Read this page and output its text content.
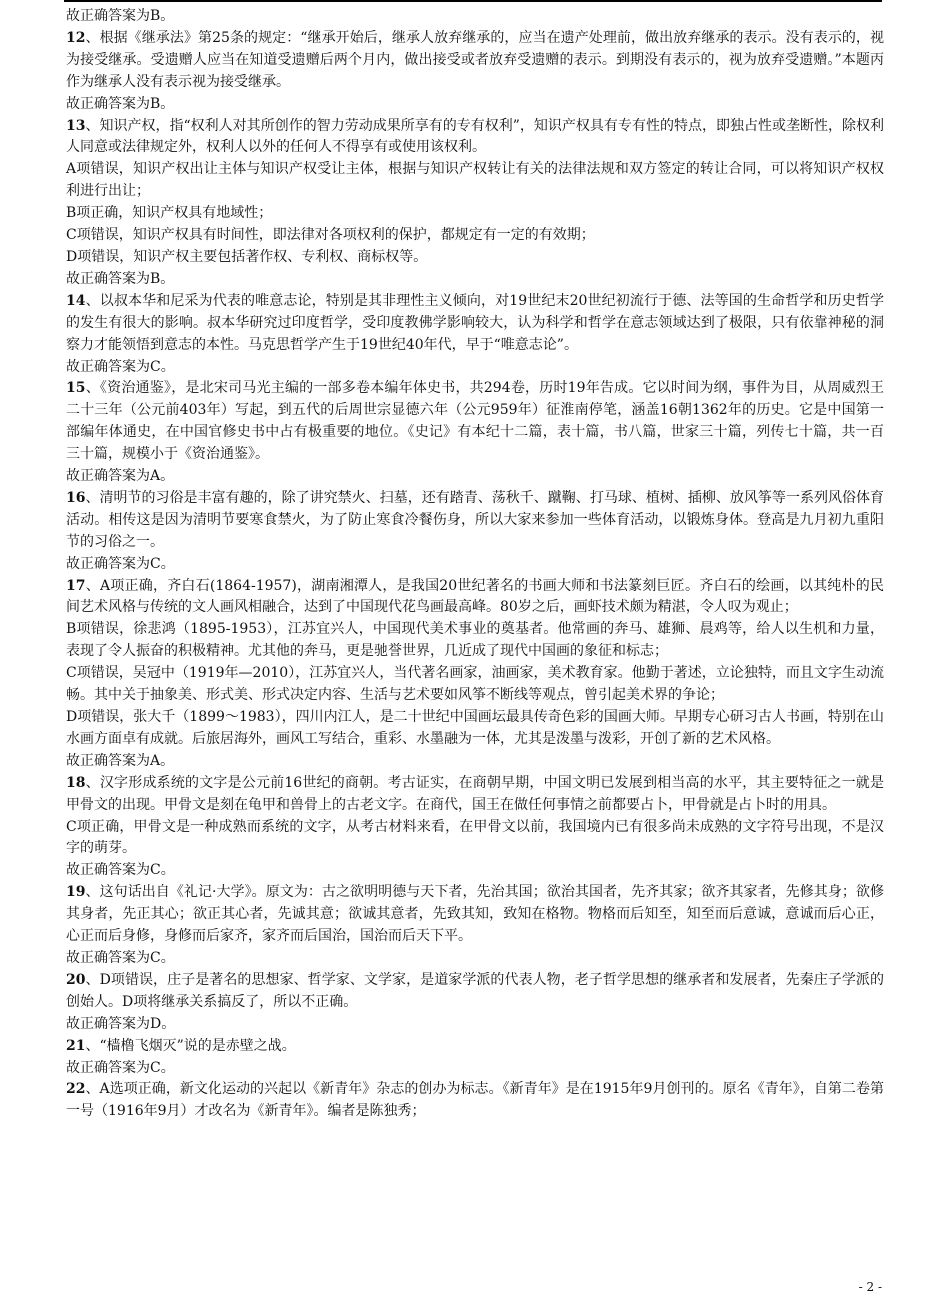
故正确答案为B。

12、根据《继承法》第25条的规定：“继承开始后，继承人放弃继承的，应当在遗产处理前，做出放弃继承的表示。没有表示的，视为接受继承。受遗赠人应当在知道受遗赠后两个月内，做出接受或者放弃受遗赠的表示。到期没有表示的，视为放弃受遗赠。”本题丙作为继承人没有表示视为接受继承。

故正确答案为B。

13、知识产权，指“权利人对其所创作的智力劳动成果所享有的专有权利”，知识产权具有专有性的特点，即独占性或垄断性，除权利人同意或法律规定外，权利人以外的任何人不得享有或使用该权利。

A项错误，知识产权出让主体与知识产权受让主体，根据与知识产权转让有关的法律法规和双方签定的转让合同，可以将知识产权权利进行出让；

B项正确，知识产权具有地域性；

C项错误，知识产权具有时间性，即法律对各项权利的保护，都规定有一定的有效期；

D项错误，知识产权主要包括著作权、专利权、商标权等。

故正确答案为B。

14、以叔本华和尼采为代表的唯意志论，特别是其非理性主义倾向，对19世纪末20世纪初流行于德、法等国的生命哲学和历史哲学的发生有很大的影响。叔本华研究过印度哲学，受印度教佛学影响较大，认为科学和哲学在意志领域达到了极限，只有依靠神秘的洞察力才能领悟到意志的本性。马克思哲学产生于19世纪40年代，早于“唯意志论”。

故正确答案为C。

15、《资治通鉴》，是北宋司马光主编的一部多卷本编年体史书，共294卷，历时19年告成。它以时间为纲，事件为目，从周威烈王二十三年（公元前403年）写起，到五代的后周世宗显德六年（公元959年）征淮南停笔，涵盖16朝1362年的历史。它是中国第一部编年体通史，在中国官修史书中占有极重要的地位。《史记》有本纪十二篇，表十篇，书八篇，世家三十篇，列传七十篇，共一百三十篇，规模小于《资治通鉴》。

故正确答案为A。

16、清明节的习俗是丰富有趣的，除了讲究禁火、扫墓，还有踏青、荡秋千、蹴鞠、打马球、植树、插柳、放风筝等一系列风俗体育活动。相传这是因为清明节要寒食禁火，为了防止寒食冷餐伤身，所以大家来参加一些体育活动，以锻炼身体。登高是九月初九重阳节的习俗之一。

故正确答案为C。

17、A项正确，齐白石(1864-1957)，湖南湘潭人，是我国20世纪著名的书画大师和书法篆刻巨匠。齐白石的绘画，以其纯朴的民间艺术风格与传统的文人画风相融合，达到了中国现代花鸟画最高峰。80岁之后，画虾技术颇为精湛，令人叹为观止；

B项错误，徐悲鸿（1895-1953），江苏宜兴人，中国现代美术事业的奠基者。他常画的奔马、雄狮、晨鸡等，给人以生机和力量，表现了令人振奋的积极精神。尤其他的奔马，更是驰誉世界，几近成了现代中国画的象征和标志；

C项错误，吴冠中（1919年—2010），江苏宜兴人，当代著名画家，油画家，美术教育家。他勤于著述，立论独特，而且文字生动流畅。其中关于抽象美、形式美、形式决定内容、生活与艺术要如风筝不断线等观点，曾引起美术界的争论；

D项错误，张大千（1899～1983），四川内江人，是二十世纪中国画坛最具传奇色彩的国画大师。早期专心研习古人书画，特别在山水画方面卓有成就。后旅居海外，画风工写结合，重彩、水墨融为一体，尤其是泼墨与泼彩，开创了新的艺术风格。

故正确答案为A。

18、汉字形成系统的文字是公元前16世纪的商朝。考古证实，在商朝早期，中国文明已发展到相当高的水平，其主要特征之一就是甲骨文的出现。甲骨文是刻在龟甲和兽骨上的古老文字。在商代，国王在做任何事情之前都要占卜，甲骨就是占卜时的用具。

C项正确，甲骨文是一种成熟而系统的文字，从考古材料来看，在甲骨文以前，我国境内已有很多尚未成熟的文字符号出现，不是汉字的萌芽。

故正确答案为C。

19、这句话出自《礼记·大学》。原文为：古之欲明明德与天下者，先治其国；欲治其国者，先齐其家；欲齐其家者，先修其身；欲修其身者，先正其心；欲正其心者，先诚其意；欲诚其意者，先致其知，致知在格物。物格而后知至，知至而后意诚，意诚而后心正，心正而后身修，身修而后家齐，家齐而后国治，国治而后天下平。

故正确答案为C。

20、D项错误，庄子是著名的思想家、哲学家、文学家，是道家学派的代表人物，老子哲学思想的继承者和发展者，先秦庄子学派的创始人。D项将继承关系搞反了，所以不正确。

故正确答案为D。

21、“樯橹飞烟灭”说的是赤壁之战。

故正确答案为C。

22、A选项正确，新文化运动的兴起以《新青年》杂志的创办为标志。《新青年》是在1915年9月创刊的。原名《青年》，自第二卷第一号（1916年9月）才改名为《新青年》。编者是陈独秀；

- 2 -
